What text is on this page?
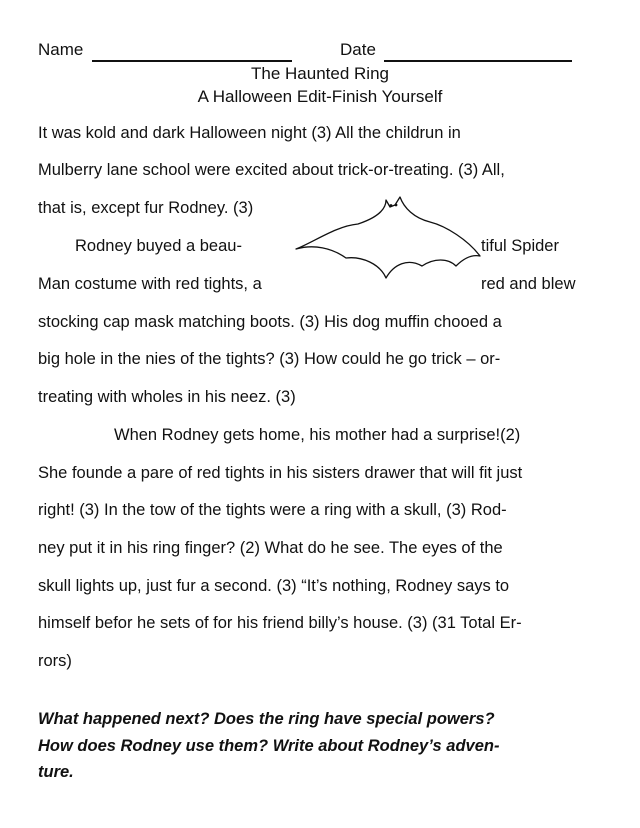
Name	Date
The Haunted Ring
A Halloween Edit-Finish Yourself
It was kold and dark Halloween night (3) All the childrun in
Mulberry lane school were excited about trick-or-treating. (3) All,
that is, except fur Rodney. (3)
Rodney buyed a beau-	tiful Spider
Man costume with red tights, a	red and blew
stocking cap mask matching boots. (3) His dog muffin chooed a
big hole in the nies of the tights? (3) How could he go trick – or-
treating with wholes in his neez. (3)
When Rodney gets home, his mother had a surprise!(2)
She founde a pare of red tights in his sisters drawer that will fit just
right! (3) In the tow of the tights were a ring with a skull, (3) Rod-
ney put it in his ring finger? (2) What do he see. The eyes of the
skull lights up, just fur a second. (3) “It’s nothing, Rodney says to
himself befor he sets of for his friend billy’s house. (3) (31 Total Er-
rors)
What happened next? Does the ring have special powers?
How does Rodney use them? Write about Rodney’s adven-
ture.
